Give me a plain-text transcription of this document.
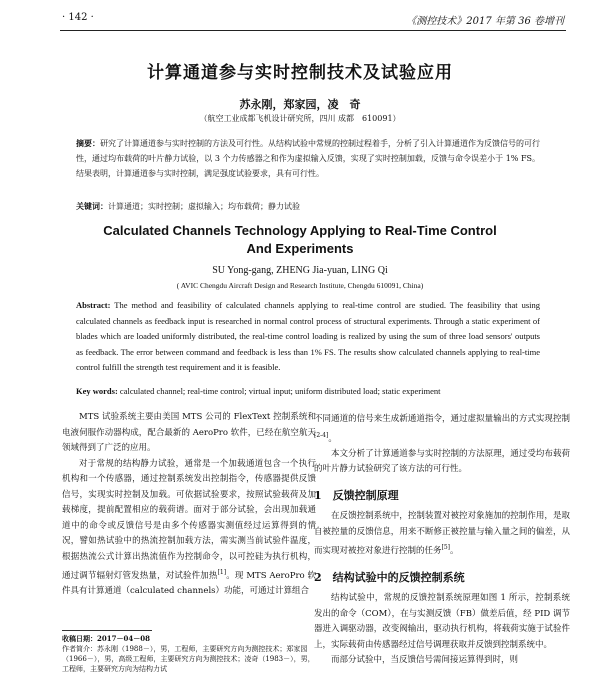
· 142 ·	《测控技术》2017 年第 36 卷增刊
计算通道参与实时控制技术及试验应用
苏永刚，郑家园，凌　奇
（航空工业成都飞机设计研究所，四川 成都　610091）
摘要：研究了计算通道参与实时控制的方法及可行性。从结构试验中常规的控制过程着手，分析了引入计算通道作为反馈信号的可行性，通过均布载荷的叶片静力试验，以 3 个力传感器之和作为虚拟输入反馈，实现了实时控制加载，反馈与命令误差小于 1% FS。结果表明，计算通道参与实时控制，满足强度试验要求，具有可行性。
关键词：计算通道；实时控制；虚拟输入；均布载荷；静力试验
Calculated Channels Technology Applying to Real-Time Control
And Experiments
SU Yong-gang, ZHENG Jia-yuan, LING Qi
( AVIC Chengdu Aircraft Design and Research Institute, Chengdu 610091, China)
Abstract: The method and feasibility of calculated channels applying to real-time control are studied. The feasibility that using calculated channels as feedback input is researched in normal control process of structural experiments. Through a static experiment of blades which are loaded uniformly distributed, the real-time control loading is realized by using the sum of three load sensors' outputs as feedback. The error between command and feedback is less than 1% FS. The results show calculated channels applying to real-time control fulfill the strength test requirement and it is feasible.
Key words: calculated channel; real-time control; virtual input; uniform distributed load; static experiment

MTS 试验系统主要由美国 MTS 公司的 FlexText 控制系统和电液伺服作动器构成，配合最新的 AeroPro 软件，已经在航空航天领域得到了广泛的应用。

对于常规的结构静力试验，通常是一个加载通道包含一个执行机构和一个传感器，通过控制系统发出控制指令，传感器提供反馈信号，实现实时控制及加载。可依据试验要求，按照试验载荷及加载梯度，提前配置相应的载荷谱。面对于部分试验，会出现加载通道中的命令或反馈信号是由多个传感器实测值经过运算得到的情况，譬如热试验中的热流控制加载方法，需实测当前试验件温度，根据热流公式计算出热流值作为控制命令，以可控硅为执行机构，通过调节辐射灯管发热量，对试验件加热[1]。现 MTS AeroPro 软件具有计算通道（calculated channels）功能，可通过计算组合

不同通道的信号来生成新通道指令，通过虚拟量输出的方式实现控制[2-4]。

本文分析了计算通道参与实时控制的方法原理，通过受均布载荷的叶片静力试验研究了该方法的可行性。

1　反馈控制原理

在反馈控制系统中，控制装置对被控对象施加的控制作用，是取自被控量的反馈信息，用来不断修正被控量与输入量之间的偏差，从而实现对被控对象进行控制的任务[5]。

2　结构试验中的反馈控制系统

结构试验中，常规的反馈控制系统原理如图 1 所示，控制系统发出的命令（COM），在与实测反馈（FB）做差后值，经 PID 调节器进入调驱动器，改变阀输出，驱动执行机构，将载荷实施于试验件上，实际载荷由传感器经过信号调理获取并反馈到控制系统中。

而部分试验中，当反馈信号需间接运算得到时，则

收稿日期：2017－04－08
作者简介：苏永刚（1988－），男，工程师，主要研究方向为测控技术；郑家园（1966－），男，高级工程师，主要研究方向为测控技术；凌奇（1983－），男，工程师，主要研究方向为结构力试
